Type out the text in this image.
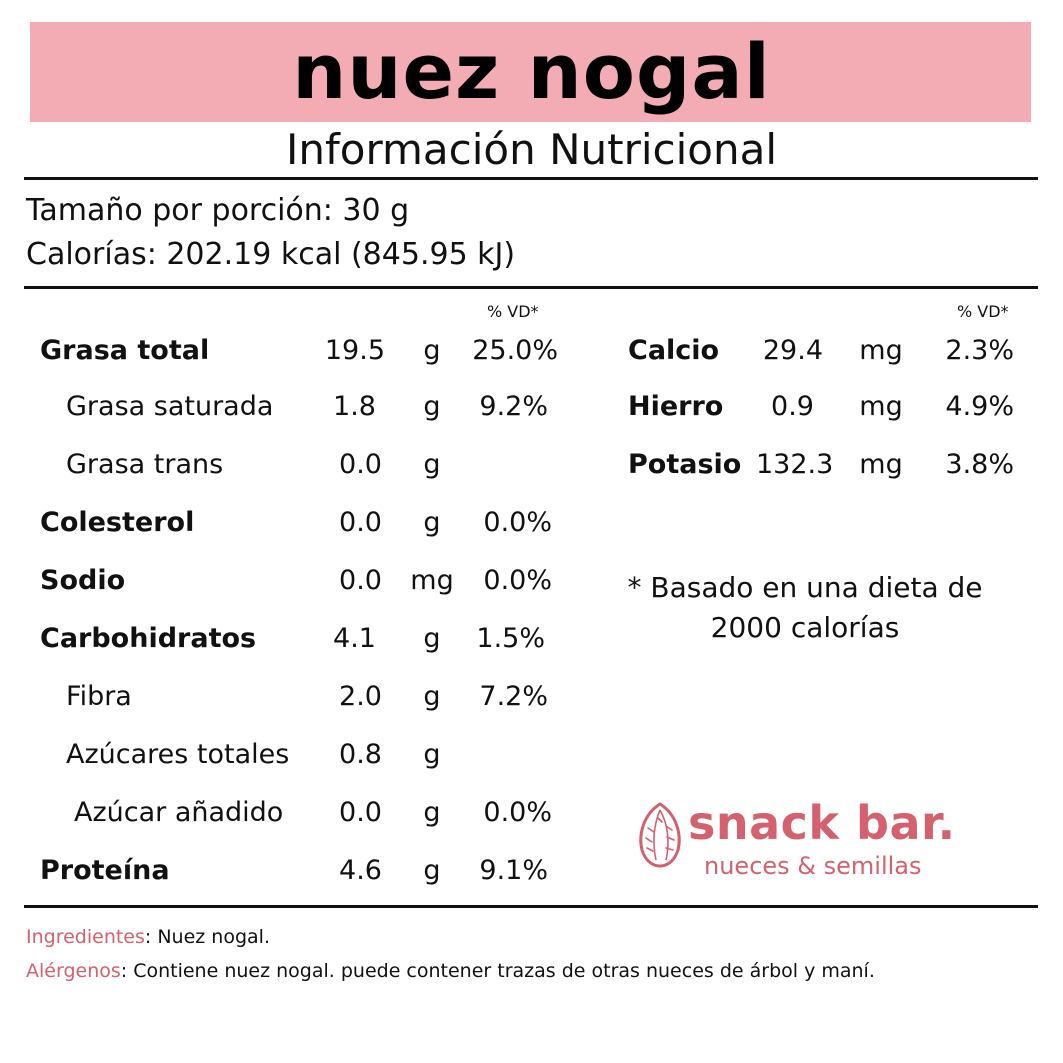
nuez nogal
Información Nutricional
Tamaño por porción: 30 g
Calorías: 202.19 kcal (845.95 kJ)
% VD*	% VD*
Grasa total	19.5	g	25.0%
Grasa saturada	1.8	g	9.2%
Grasa trans	0.0	g
Colesterol	0.0	g	0.0%
Sodio	0.0 mg	0.0%
Carbohidratos	4.1	g	1.5%
Fibra	2.0	g	7.2%
Azúcares totales	0.8	g
Azúcar añadido	0.0	g	0.0%
Proteína	4.6	g	9.1%
Calcio	29.4 mg	2.3%
Hierro	0.9 mg	4.9%
Potasio 132.3 mg	3.8%
* Basado en una dieta de
2000 calorías
snack bar.
nueces & semillas
Ingredientes: Nuez nogal.
Alérgenos: Contiene nuez nogal. puede contener trazas de otras nueces de árbol y maní.
